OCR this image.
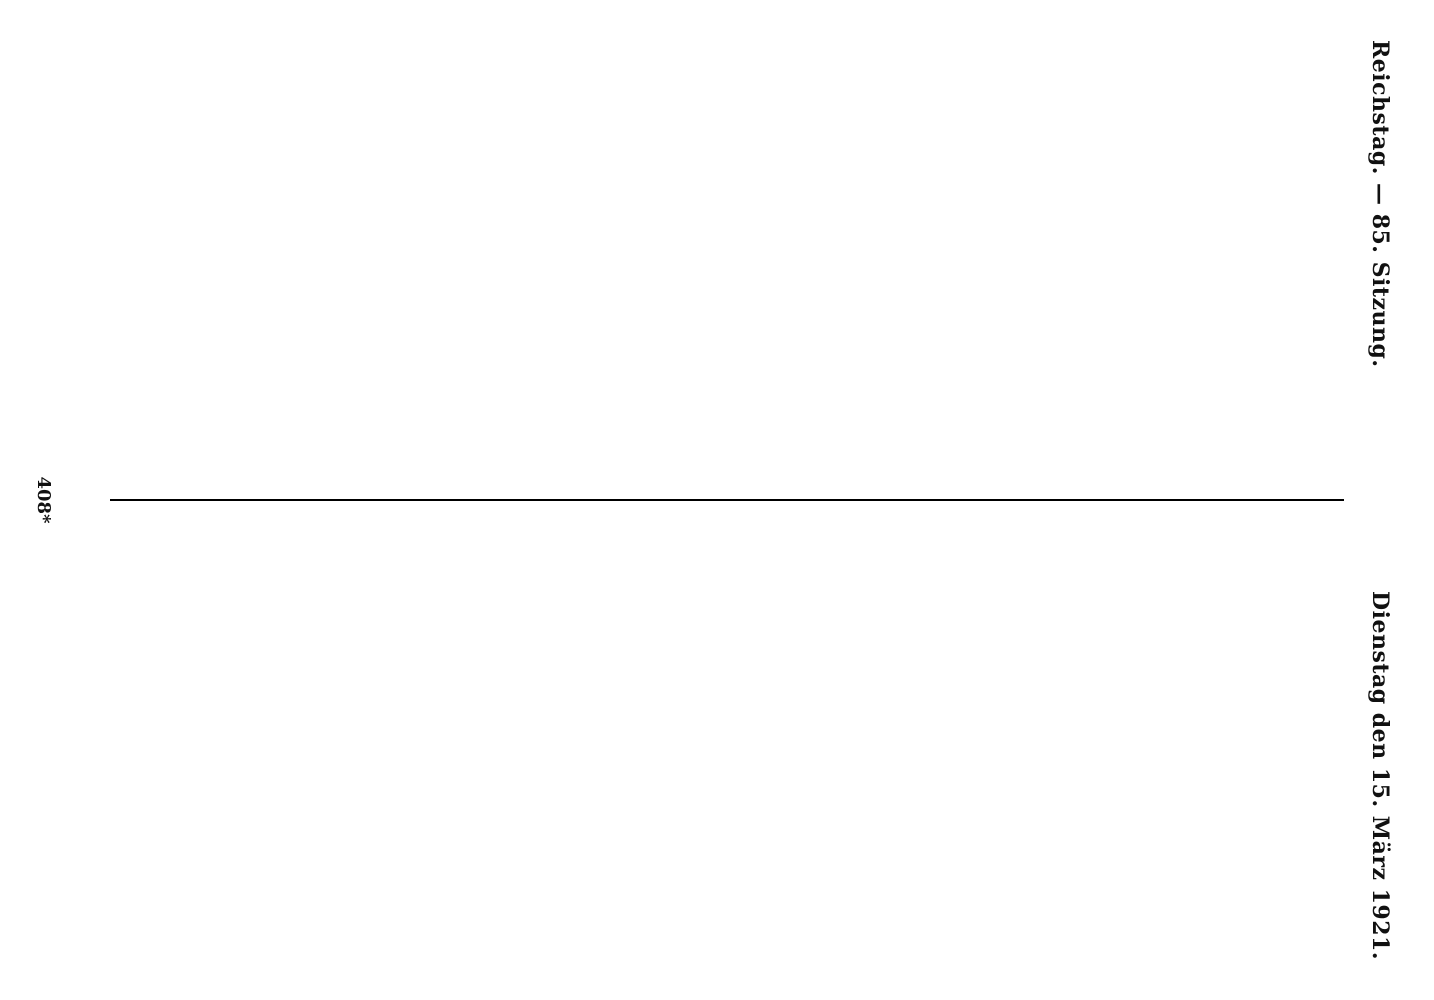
Reichstag. — 85. Sitzung.
Dienstag den 15. März 1921.
408*
